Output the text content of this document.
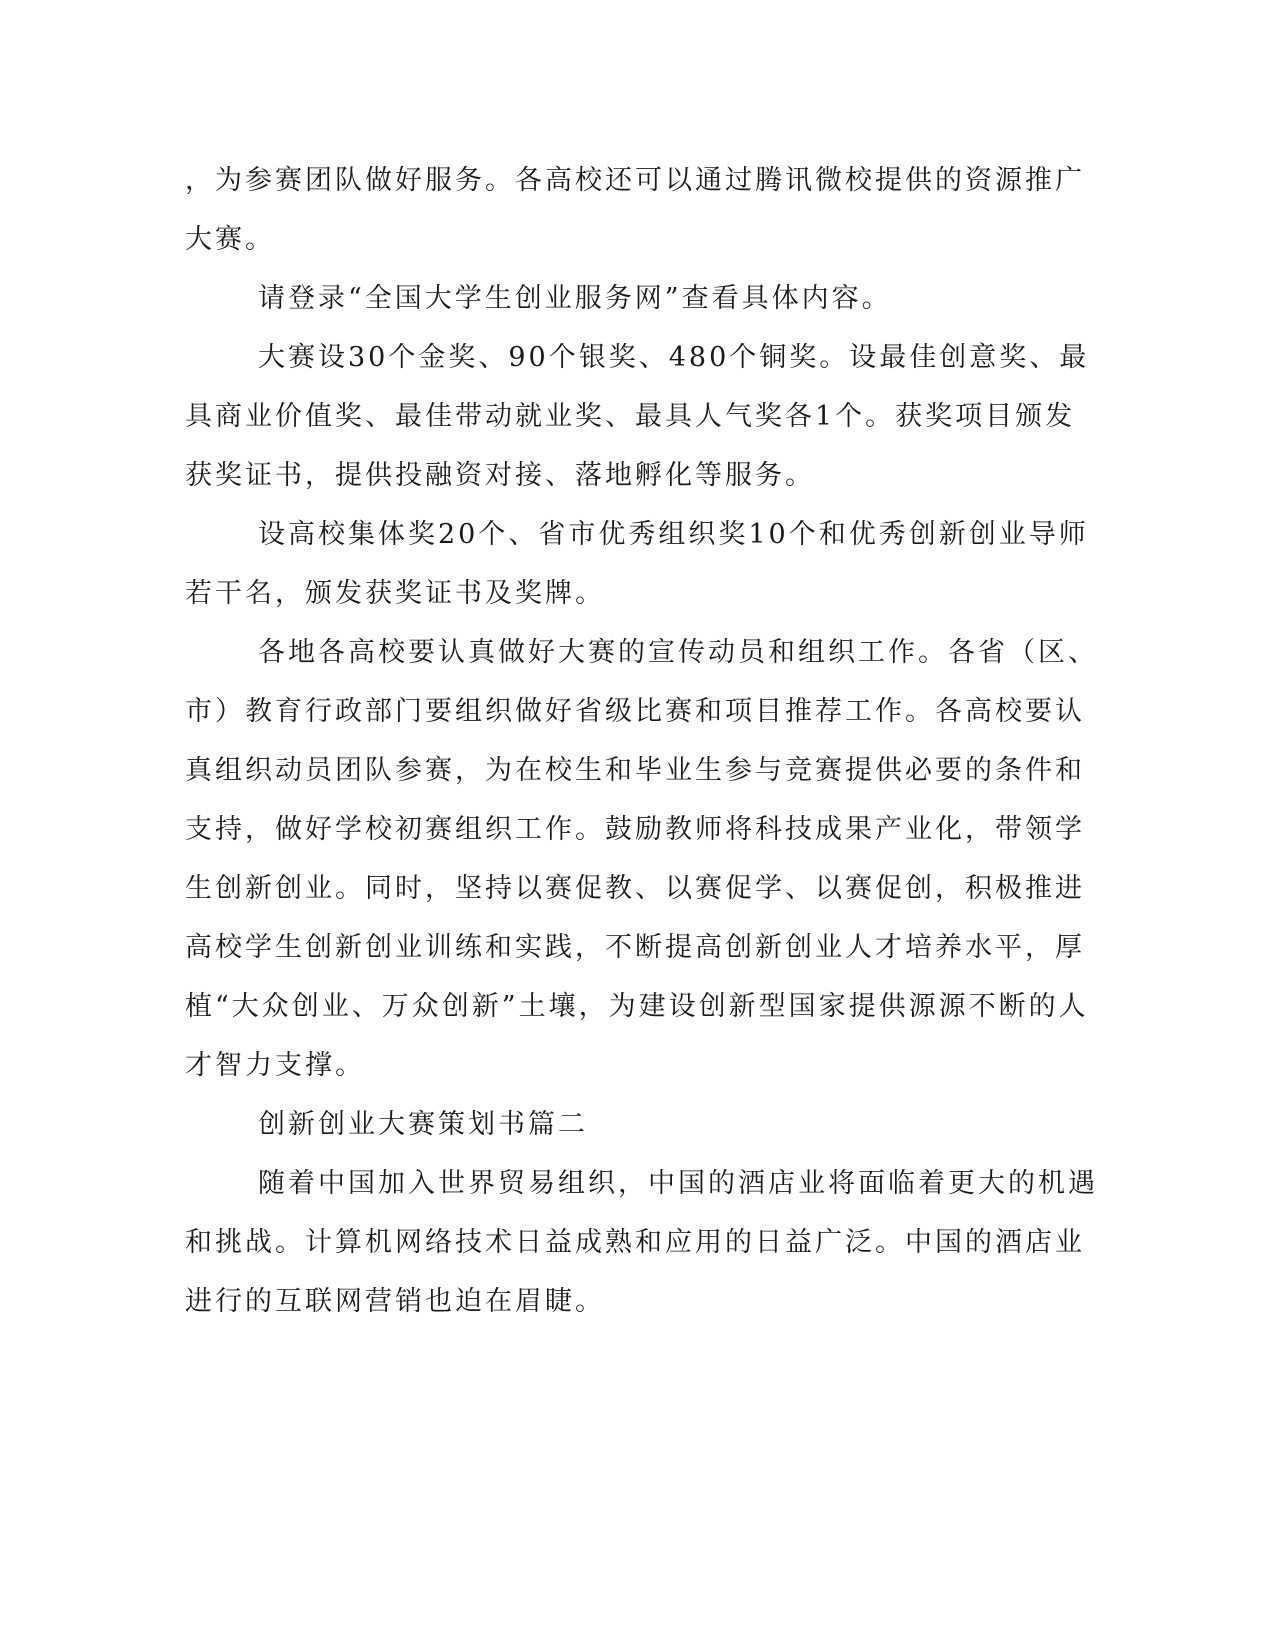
，为参赛团队做好服务。各高校还可以通过腾讯微校提供的资源推广

大赛。

请登录“全国大学生创业服务网”查看具体内容。

大赛设30个金奖、90个银奖、480个铜奖。设最佳创意奖、最

具商业价值奖、最佳带动就业奖、最具人气奖各1个。获奖项目颁发

获奖证书，提供投融资对接、落地孵化等服务。

设高校集体奖20个、省市优秀组织奖10个和优秀创新创业导师

若干名，颁发获奖证书及奖牌。

各地各高校要认真做好大赛的宣传动员和组织工作。各省（区、

市）教育行政部门要组织做好省级比赛和项目推荐工作。各高校要认

真组织动员团队参赛，为在校生和毕业生参与竞赛提供必要的条件和

支持，做好学校初赛组织工作。鼓励教师将科技成果产业化，带领学

生创新创业。同时，坚持以赛促教、以赛促学、以赛促创，积极推进

高校学生创新创业训练和实践，不断提高创新创业人才培养水平，厚

植“大众创业、万众创新”土壤，为建设创新型国家提供源源不断的人

才智力支撑。

创新创业大赛策划书篇二

随着中国加入世界贸易组织，中国的酒店业将面临着更大的机遇

和挑战。计算机网络技术日益成熟和应用的日益广泛。中国的酒店业

进行的互联网营销也迫在眉睫。
